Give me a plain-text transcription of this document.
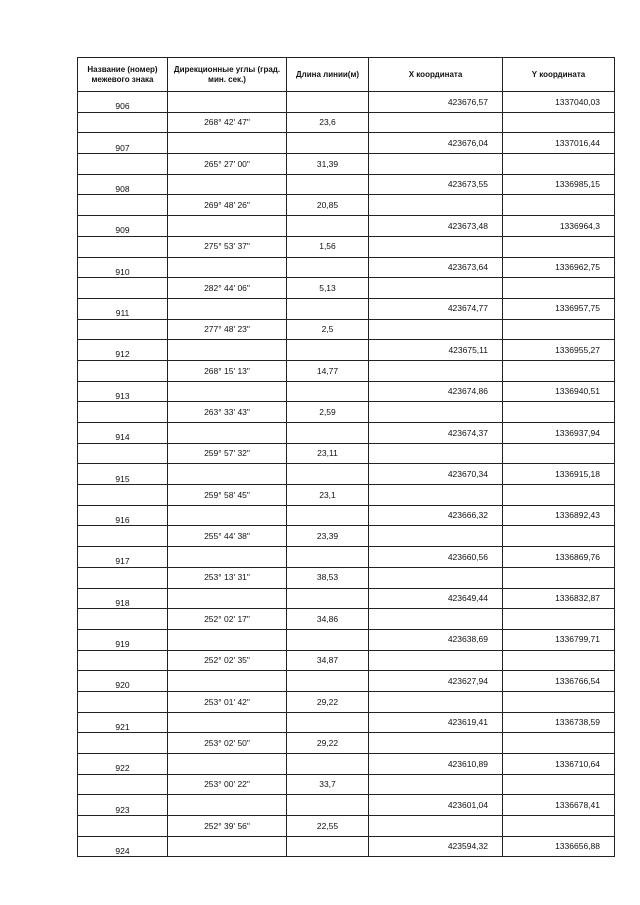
Название (номер) межевого знака	Дирекционные углы (град. мин. сек.)	Длина линии(м)	X координата	Y координата
906			423676,57	1337040,03
	268° 42' 47"	23,6		
907			423676,04	1337016,44
	265° 27' 00"	31,39		
908			423673,55	1336985,15
	269° 48' 26"	20,85		
909			423673,48	1336964,3
	275° 53' 37"	1,56		
910			423673,64	1336962,75
	282° 44' 06"	5,13		
911			423674,77	1336957,75
	277° 48' 23"	2,5		
912			423675,11	1336955,27
	268° 15' 13"	14,77		
913			423674,86	1336940,51
	263° 33' 43"	2,59		
914			423674,37	1336937,94
	259° 57' 32"	23,11		
915			423670,34	1336915,18
	259° 58' 45"	23,1		
916			423666,32	1336892,43
	255° 44' 38"	23,39		
917			423660,56	1336869,76
	253° 13' 31"	38,53		
918			423649,44	1336832,87
	252° 02' 17"	34,86		
919			423638,69	1336799,71
	252° 02' 35"	34,87		
920			423627,94	1336766,54
	253° 01' 42"	29,22		
921			423619,41	1336738,59
	253° 02' 50"	29,22		
922			423610,89	1336710,64
	253° 00' 22"	33,7		
923			423601,04	1336678,41
	252° 39' 56"	22,55		
924			423594,32	1336656,88
